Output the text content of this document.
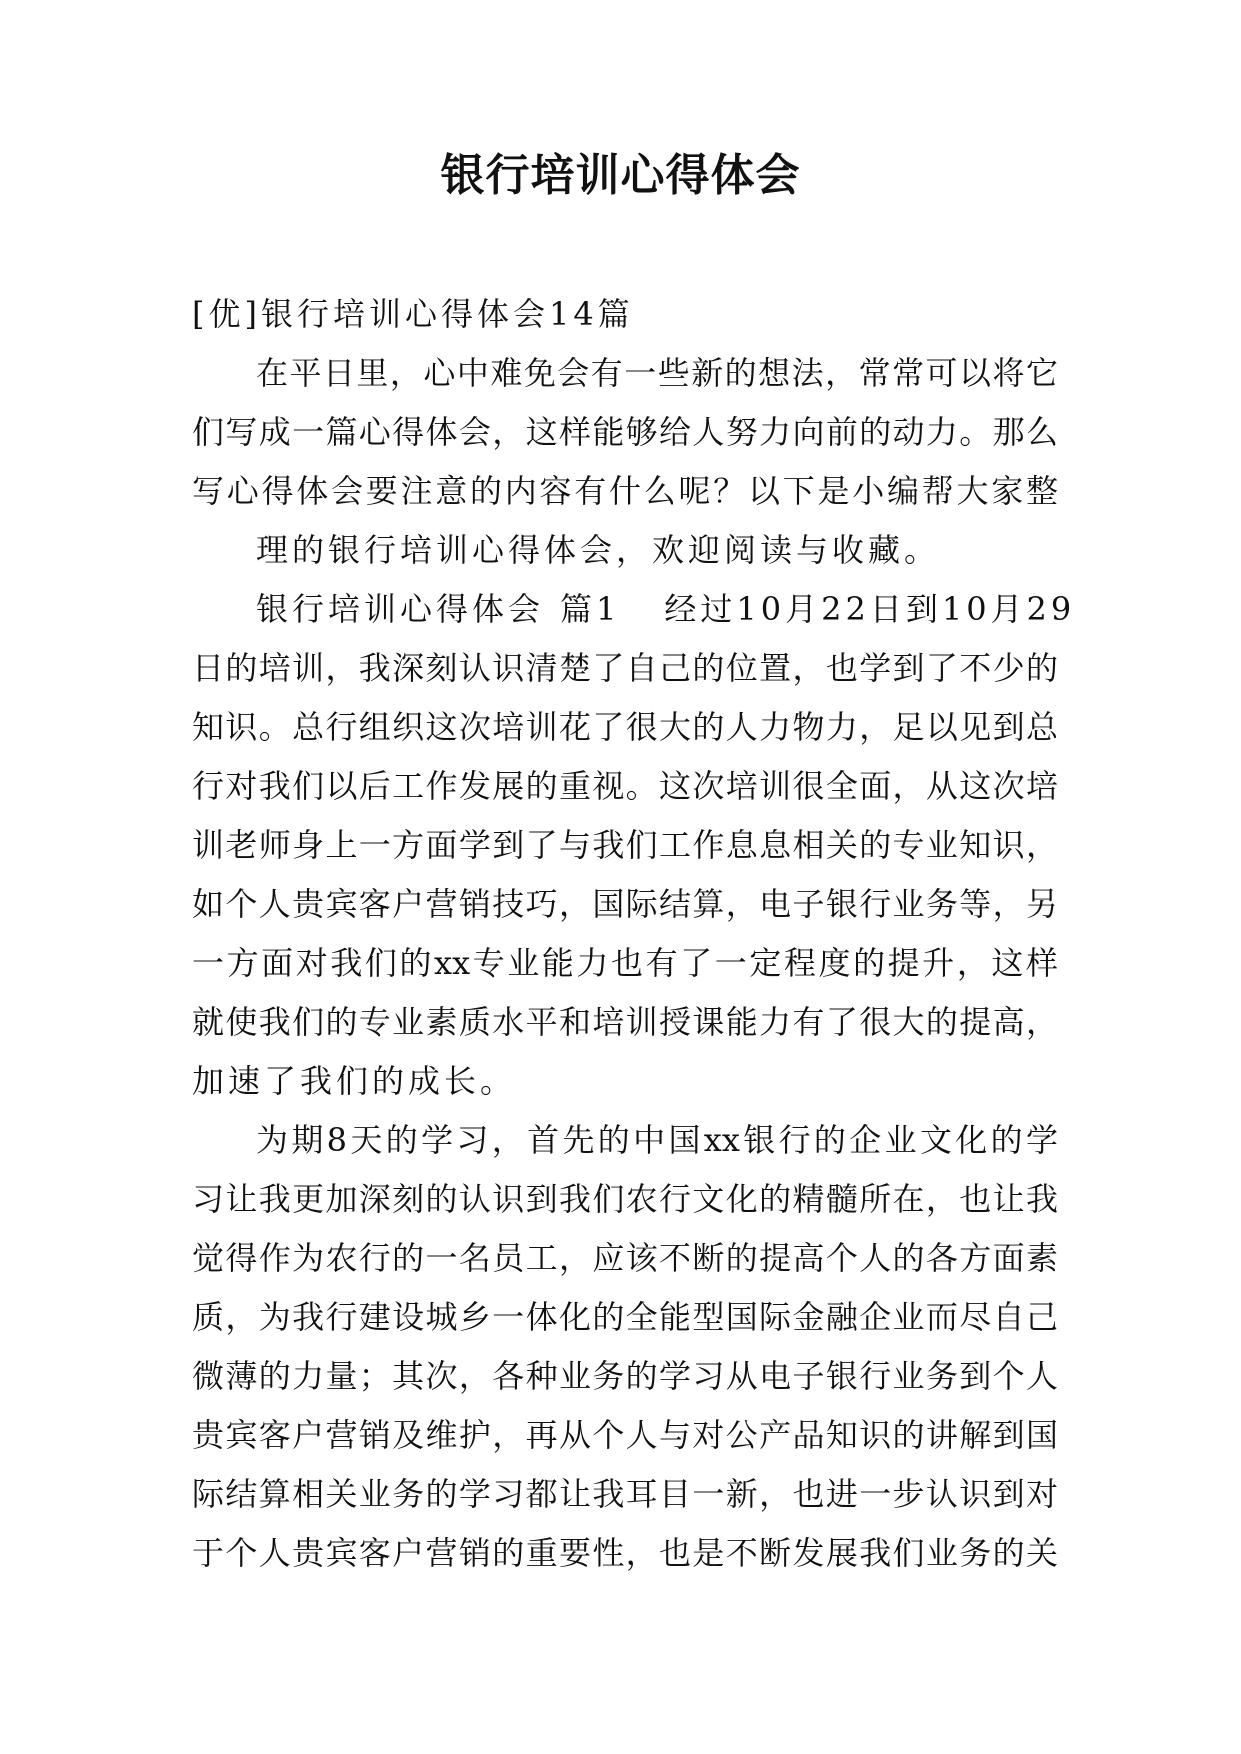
银行培训心得体会
[优]银行培训心得体会14篇
在平日里，心中难免会有一些新的想法，常常可以将它
们写成一篇心得体会，这样能够给人努力向前的动力。那么
写心得体会要注意的内容有什么呢？以下是小编帮大家整
理的银行培训心得体会，欢迎阅读与收藏。
银行培训心得体会 篇1 经过10月22日到10月29
日的培训，我深刻认识清楚了自己的位置，也学到了不少的
知识。总行组织这次培训花了很大的人力物力，足以见到总
行对我们以后工作发展的重视。这次培训很全面，从这次培
训老师身上一方面学到了与我们工作息息相关的专业知识，
如个人贵宾客户营销技巧，国际结算，电子银行业务等，另
一方面对我们的xx专业能力也有了一定程度的提升，这样
就使我们的专业素质水平和培训授课能力有了很大的提高，
加速了我们的成长。
为期8天的学习，首先的中国xx银行的企业文化的学
习让我更加深刻的认识到我们农行文化的精髓所在，也让我
觉得作为农行的一名员工，应该不断的提高个人的各方面素
质，为我行建设城乡一体化的全能型国际金融企业而尽自己
微薄的力量；其次，各种业务的学习从电子银行业务到个人
贵宾客户营销及维护，再从个人与对公产品知识的讲解到国
际结算相关业务的学习都让我耳目一新，也进一步认识到对
于个人贵宾客户营销的重要性，也是不断发展我们业务的关
